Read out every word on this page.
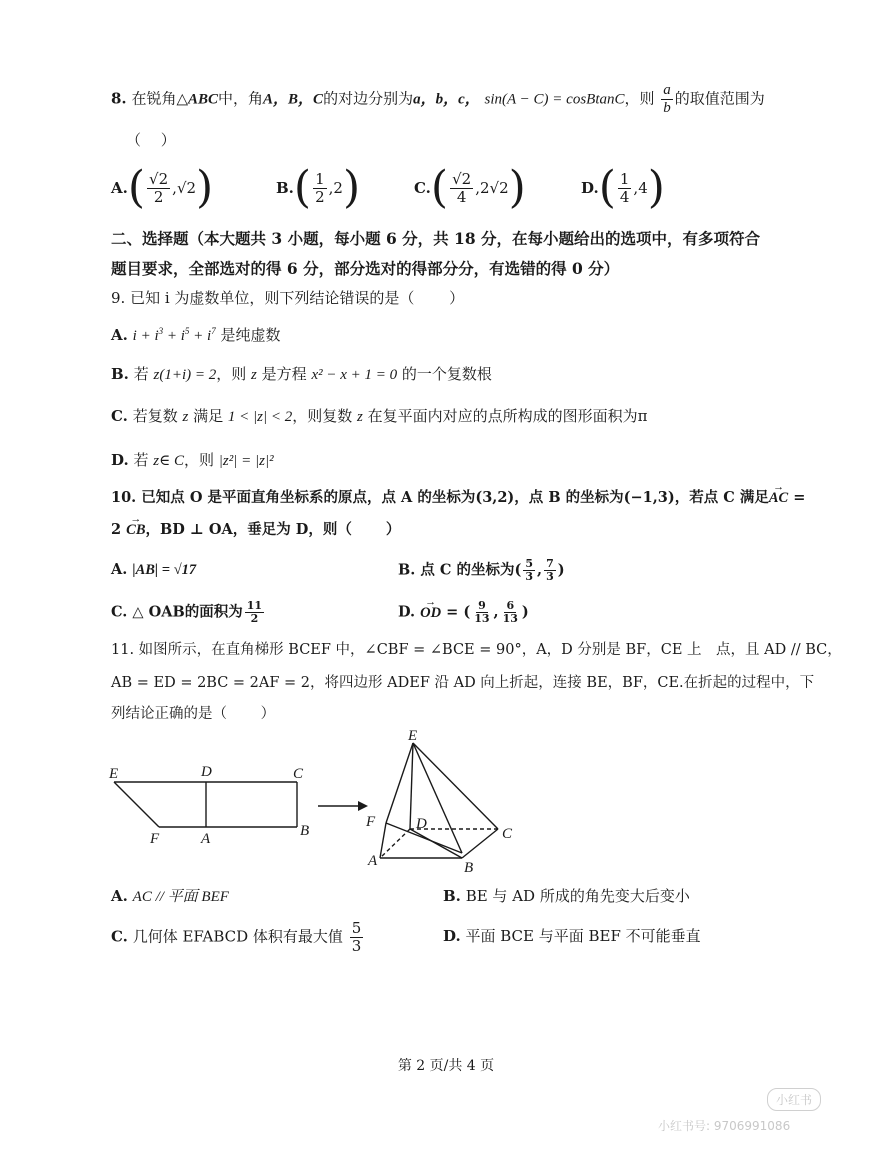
8. 在锐角△ABC中，角A，B，C的对边分别为a，b，c， sin(A − C) = cosBtanC，则 $\frac{a}{b}$ 的取值范围为
（　 ）
A. ( $\frac{√2}{2}$ , √2 )	B. ( $\frac{1}{2}$ , 2 )	C. ( $\frac{√2}{4}$ , 2√2 )	D. ( $\frac{1}{4}$ , 4 )
二、选择题（本大题共 3 小题，每小题 6 分，共 18 分，在每小题给出的选项中，有多项符合
题目要求，全部选对的得 6 分，部分选对的得部分分，有选错的得 0 分）
9. 已知 i 为虚数单位，则下列结论错误的是（　　 ）
A. $i + i^3 + i^5 + i^7$ 是纯虚数
B. 若 z(1+i) = 2，则 z 是方程 x² − x + 1 = 0 的一个复数根
C. 若复数 z 满足 1 < |z| < 2，则复数 z 在复平面内对应的点所构成的图形面积为π
D. 若 z∈ C，则 |z²| = |z|²
10. 已知点 O 是平面直角坐标系的原点，点 A 的坐标为(3,2)，点 B 的坐标为(−1,3)，若点 C 满足→ AC =
2 → CB，BD ⊥ OA，垂足为 D，则（　　 ）
A. |AB| = √17	B. 点 C 的坐标为( $\frac{5}{3}$ , $\frac{7}{3}$ )
C. △ OAB的面积为 $\frac{11}{2}$	D. → OD = ( $\frac{9}{13}$ , $\frac{6}{13}$ )
11. 如图所示，在直角梯形 BCEF 中，∠CBF = ∠BCE = 90°，A，D 分别是 BF，CE 上　点，且 AD // BC，
AB = ED = 2BC = 2AF = 2，将四边形 ADEF 沿 AD 向上折起，连接 BE，BF，CE.在折起的过程中，下
列结论正确的是（　　 ）
E	D	C
F	A	B
E
F	D
C
A	B
A. AC // 平面 BEF	B. BE 与 AD 所成的角先变大后变小
C. 几何体 EFABCD 体积有最大值 $\frac{5}{3}$	D. 平面 BCE 与平面 BEF 不可能垂直
第 2 页/共 4 页
小红书
小红书号: 9706991086
